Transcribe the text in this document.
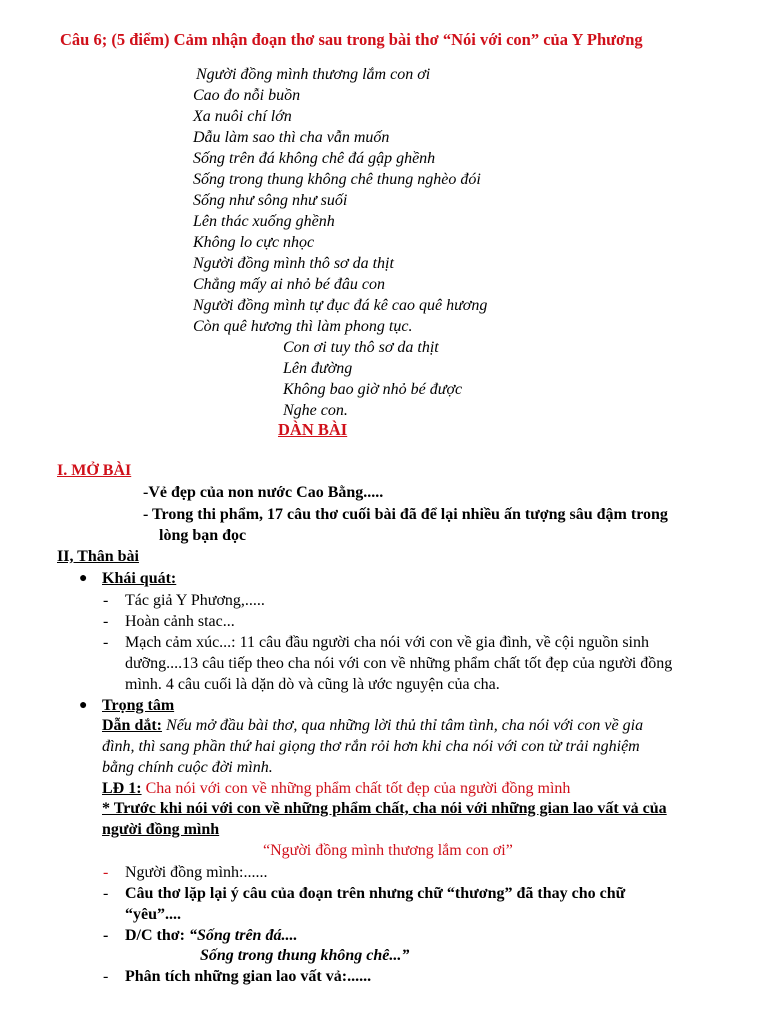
Câu 6; (5 điểm) Cảm nhận đoạn thơ sau trong bài thơ “Nói với con” của Y Phương
Người đồng mình thương lắm con ơi
Cao đo nỗi buồn
Xa nuôi chí lớn
Dẫu làm sao thì cha vẫn muốn
Sống trên đá không chê đá gập ghềnh
Sống trong thung không chê thung nghèo đói
Sống như sông như suối
Lên thác xuống ghềnh
Không lo cực nhọc
Người đồng mình thô sơ da thịt
Chẳng mấy ai nhỏ bé đâu con
Người đồng mình tự đục đá kê cao quê hương
Còn quê hương thì làm phong tục.
Con ơi tuy thô sơ da thịt
Lên đường
Không bao giờ nhỏ bé được
Nghe con.
DÀN BÀI
I. MỞ BÀI
-Vẻ đẹp của non nước Cao Bằng.....
- Trong thi phẩm, 17 câu thơ cuối bài đã để lại nhiều ấn tượng sâu đậm trong
lòng bạn đọc
II, Thân bài
● Khái quát:
- Tác giả Y Phương,.....
- Hoàn cảnh stac...
- Mạch cảm xúc...: 11 câu đầu người cha nói với con về gia đình, về cội nguồn sinh
dưỡng....13 câu tiếp theo cha nói với con về những phẩm chất tốt đẹp của người đồng
mình. 4 câu cuối là dặn dò và cũng là ước nguyện của cha.
● Trọng tâm
Dẫn dắt: Nếu mở đầu bài thơ, qua những lời thủ thỉ tâm tình, cha nói với con về gia
đình, thì sang phần thứ hai giọng thơ rắn rỏi hơn khi cha nói với con từ trải nghiệm
bằng chính cuộc đời mình.
LĐ 1: Cha nói với con về những phẩm chất tốt đẹp của người đồng mình
* Trước khi nói với con về những phẩm chất, cha nói với những gian lao vất vả của
người đồng mình
“Người đồng mình thương lắm con ơi”
- Người đồng mình:......
- Câu thơ lặp lại ý câu của đoạn trên nhưng chữ “thương” đã thay cho chữ
“yêu”....
- D/C thơ: “Sống trên đá....
Sống trong thung không chê...”
- Phân tích những gian lao vất vả:......
